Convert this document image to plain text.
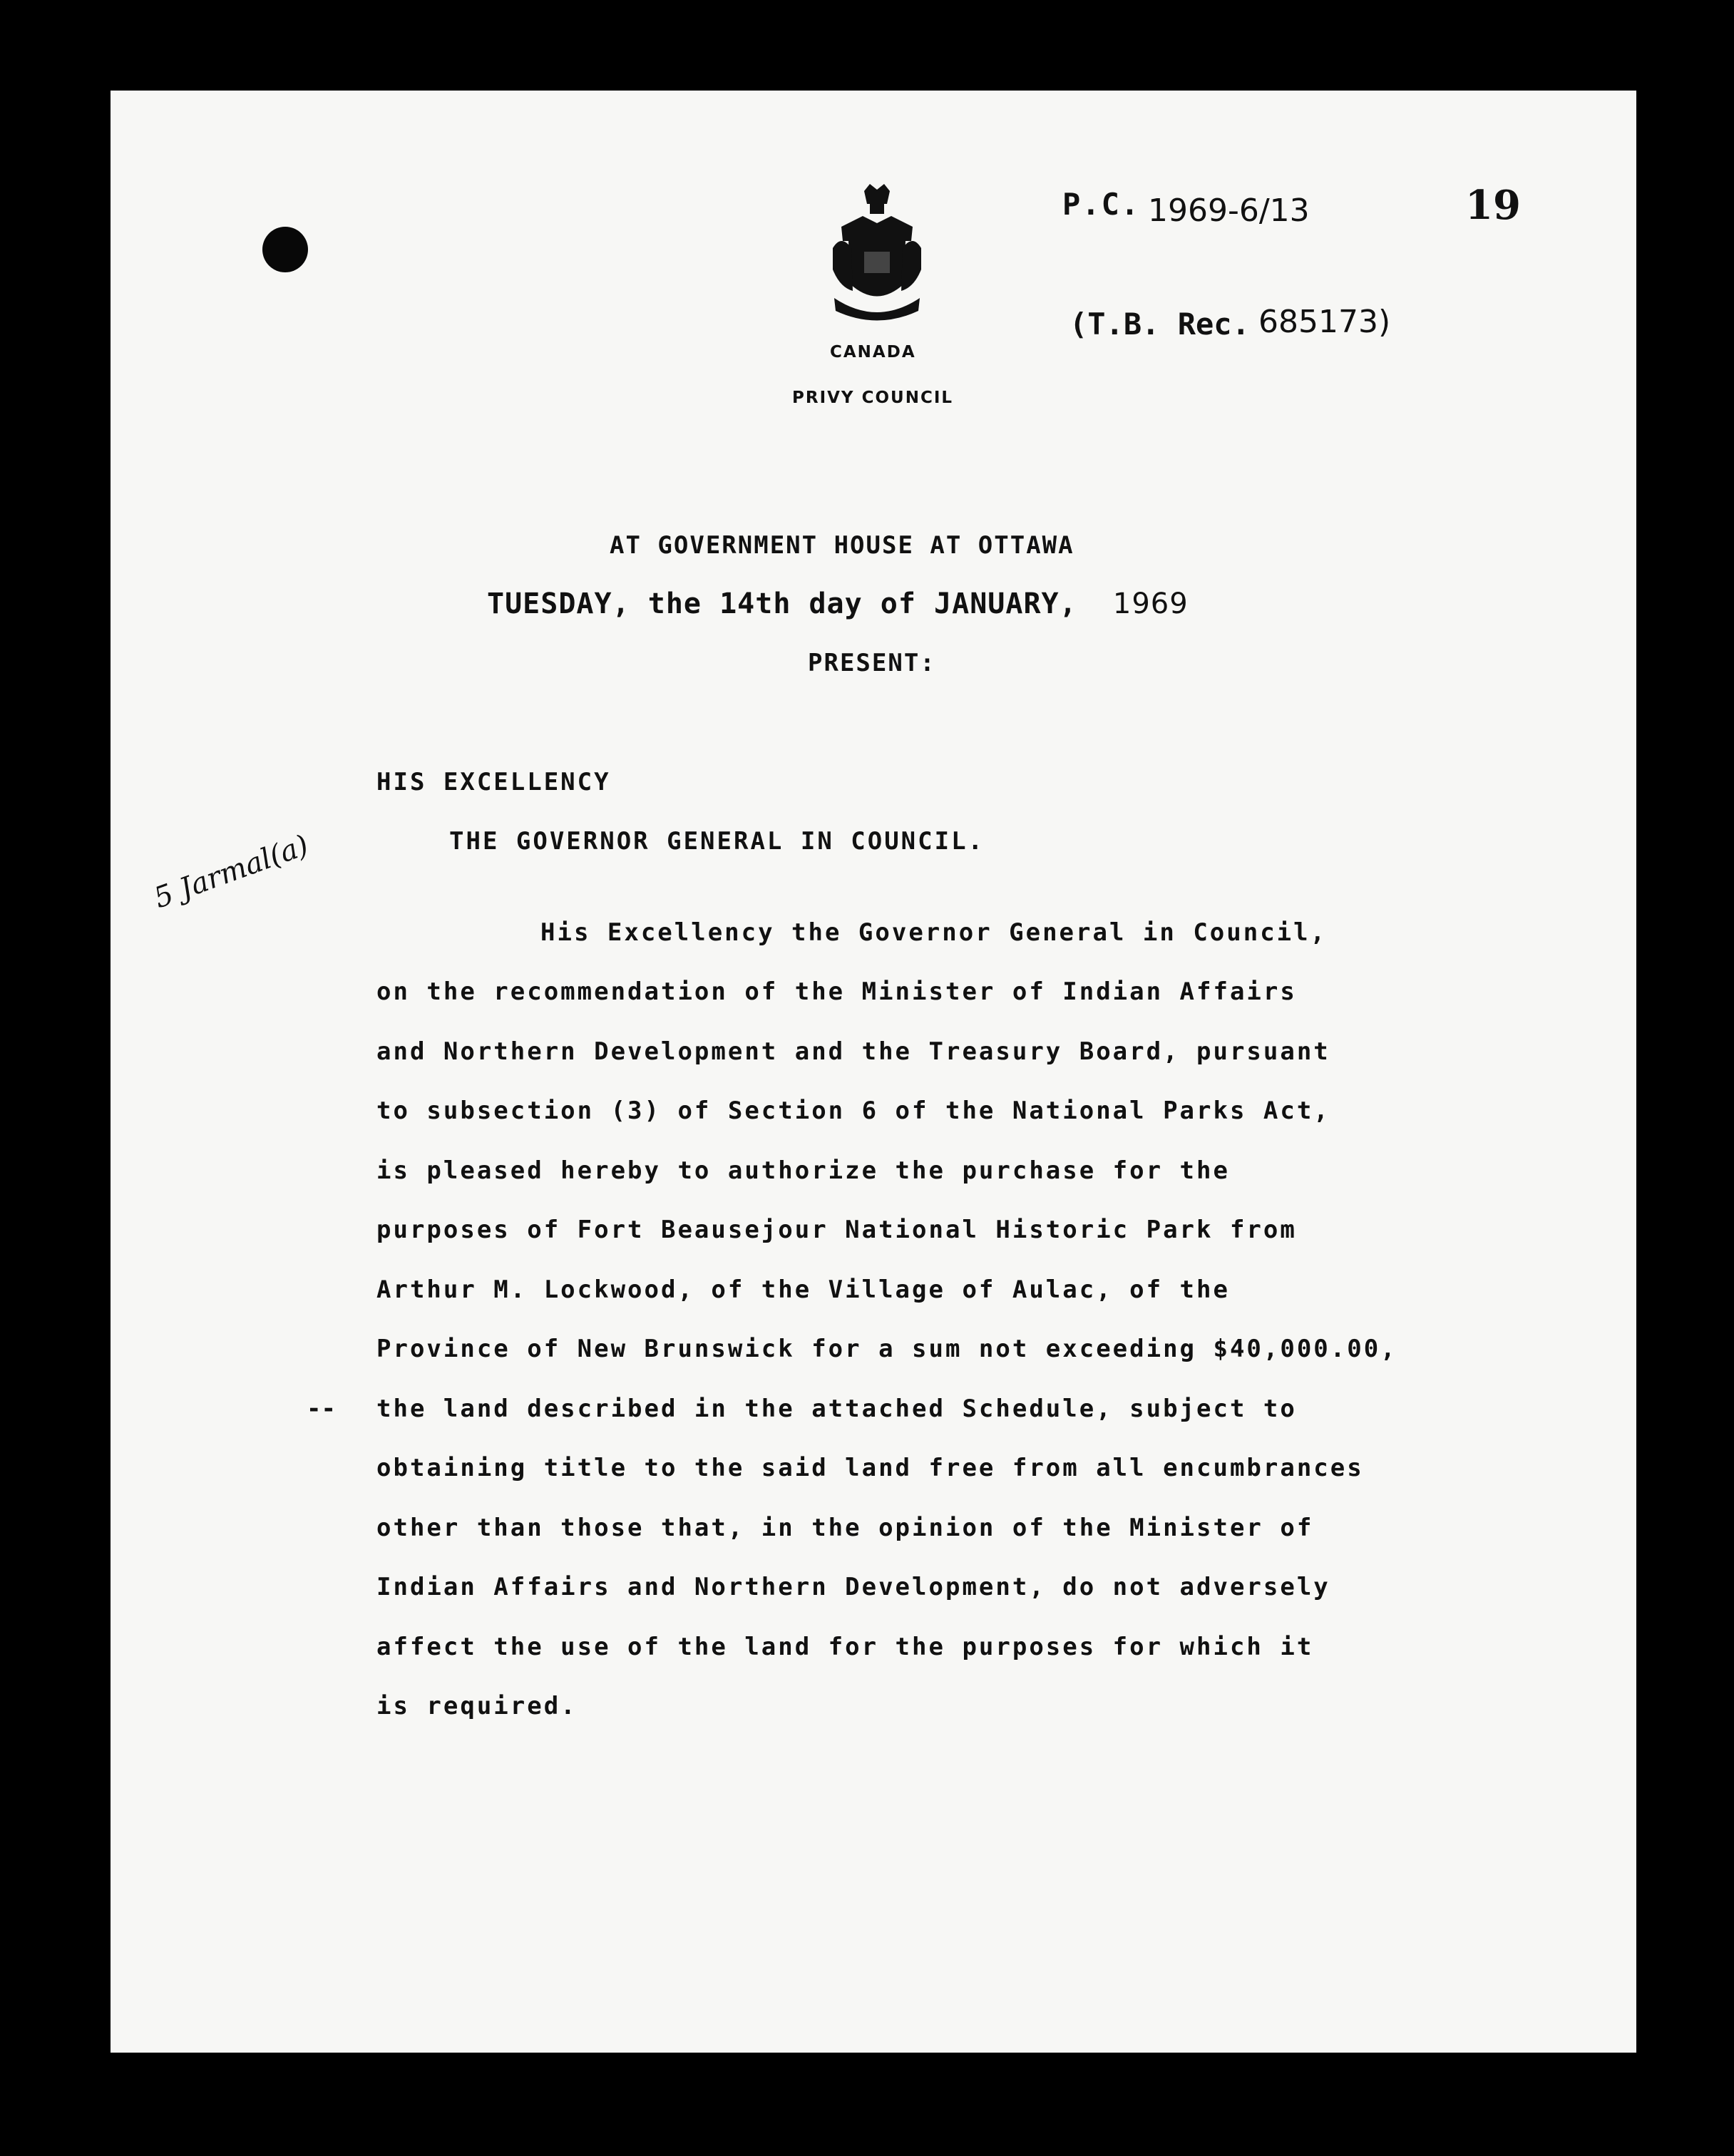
CANADA
PRIVY COUNCIL
P.C. 1969-6/13
(T.B. Rec. 685173)
19
AT GOVERNMENT HOUSE AT OTTAWA
TUESDAY, the 14th day of JANUARY, 1969
PRESENT:
HIS EXCELLENCY
THE GOVERNOR GENERAL IN COUNCIL.
5 Jarmal(a)
--
His Excellency the Governor General in Council,
on the recommendation of the Minister of Indian Affairs
and Northern Development and the Treasury Board, pursuant
to subsection (3) of Section 6 of the National Parks Act,
is pleased hereby to authorize the purchase for the
purposes of Fort Beausejour National Historic Park from
Arthur M. Lockwood, of the Village of Aulac, of the
Province of New Brunswick for a sum not exceeding $40,000.00,
the land described in the attached Schedule, subject to
obtaining title to the said land free from all encumbrances
other than those that, in the opinion of the Minister of
Indian Affairs and Northern Development, do not adversely
affect the use of the land for the purposes for which it
is required.
